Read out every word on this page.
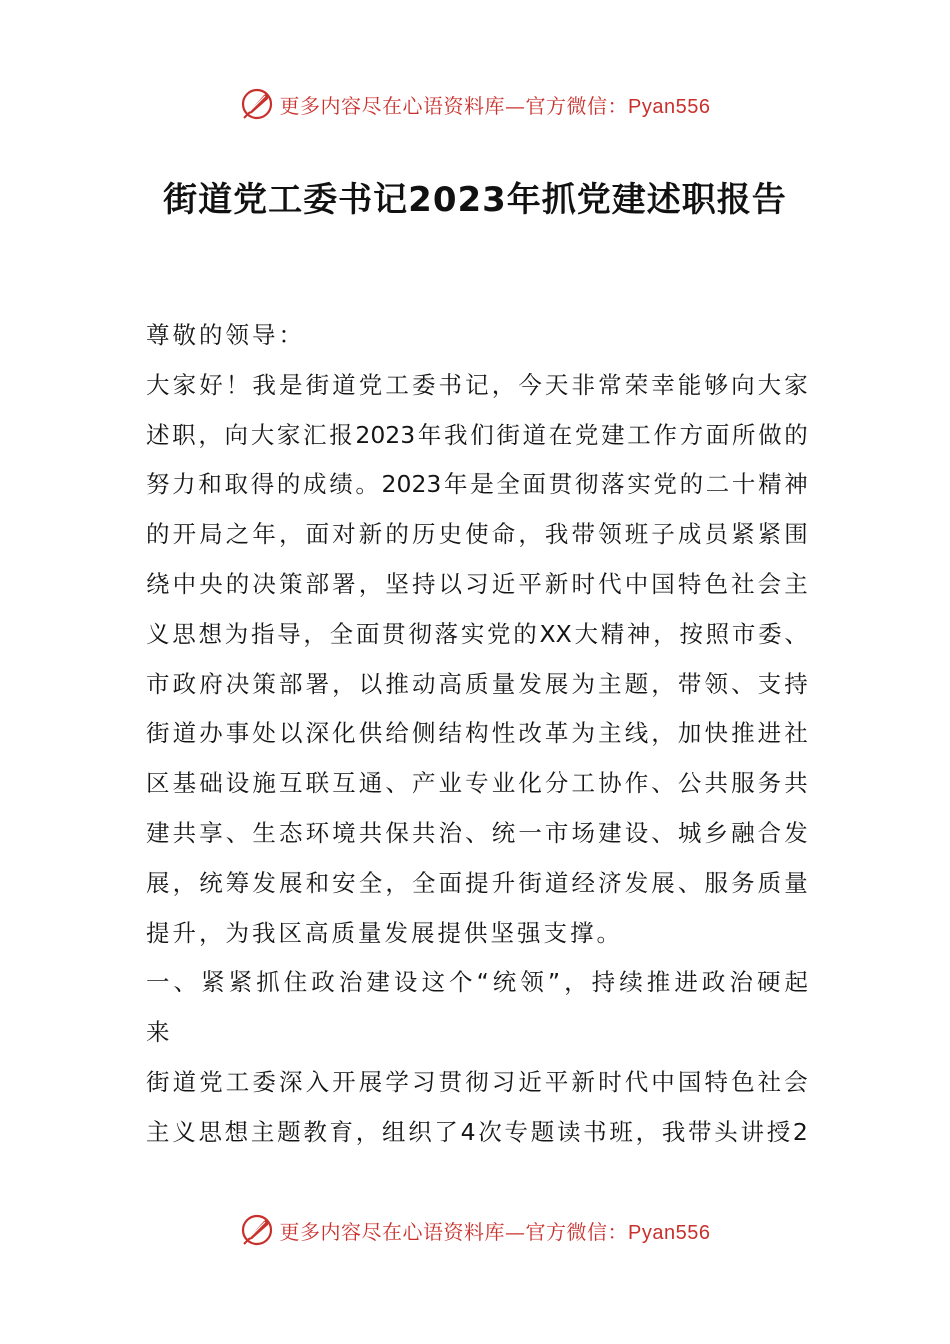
更多内容尽在心语资料库—官方微信：Pyan556
街道党工委书记2023年抓党建述职报告
尊敬的领导：
大 家 好 ！ 我 是 街 道 党 工 委 书 记 ， 今 天 非 常 荣 幸 能 够 向 大 家
述 职 ， 向 大 家 汇 报 2023 年 我 们 街 道 在 党 建 工 作 方 面 所 做 的
努 力 和 取 得 的 成 绩 。 2023 年 是 全 面 贯 彻 落 实 党 的 二 十 精 神
的 开 局 之 年 ， 面 对 新 的 历 史 使 命 ， 我 带 领 班 子 成 员 紧 紧 围
绕 中 央 的 决 策 部 署 ， 坚 持 以 习 近 平 新 时 代 中 国 特 色 社 会 主
义 思 想 为 指 导 ， 全 面 贯 彻 落 实 党 的 XX 大 精 神 ， 按 照 市 委 、
市 政 府 决 策 部 署 ， 以 推 动 高 质 量 发 展 为 主 题 ， 带 领 、 支 持
街 道 办 事 处 以 深 化 供 给 侧 结 构 性 改 革 为 主 线 ， 加 快 推 进 社
区 基 础 设 施 互 联 互 通 、 产 业 专 业 化 分 工 协 作 、 公 共 服 务 共
建 共 享 、 生 态 环 境 共 保 共 治 、 统 一 市 场 建 设 、 城 乡 融 合 发
展 ， 统 筹 发 展 和 安 全 ， 全 面 提 升 街 道 经 济 发 展 、 服 务 质 量
提升，为我区高质量发展提供坚强支撑。
一 、 紧 紧 抓 住 政 治 建 设 这 个 “ 统 领 ” ， 持 续 推 进 政 治 硬 起
来
街 道 党 工 委 深 入 开 展 学 习 贯 彻 习 近 平 新 时 代 中 国 特 色 社 会
主 义 思 想 主 题 教 育 ， 组 织 了 4 次 专 题 读 书 班 ， 我 带 头 讲 授 2
更多内容尽在心语资料库—官方微信：Pyan556
